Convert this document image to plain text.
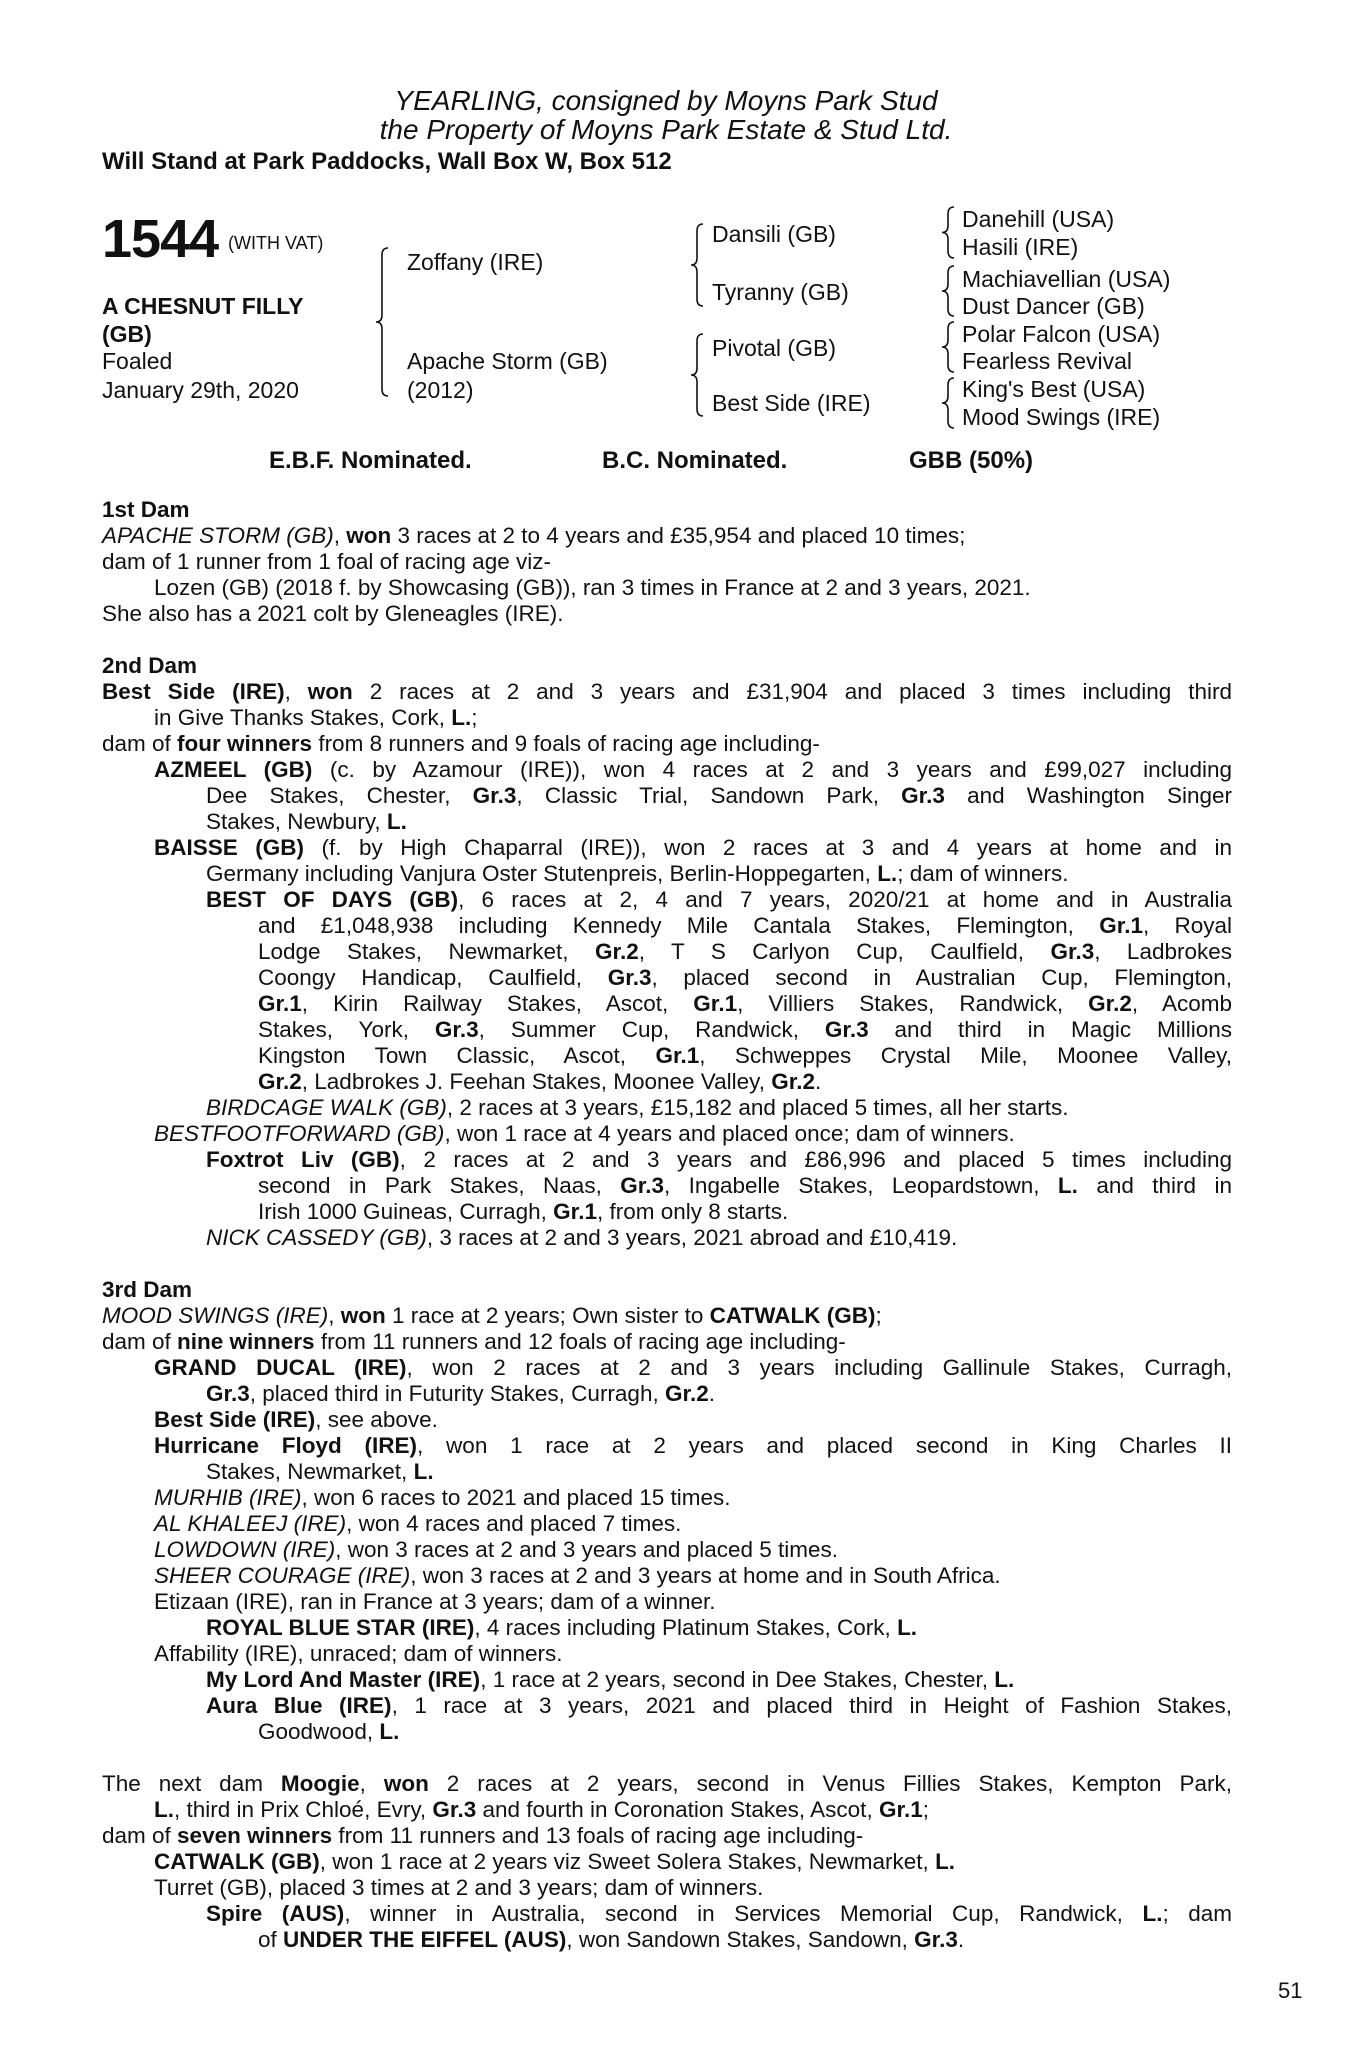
YEARLING, consigned by Moyns Park Stud
the Property of Moyns Park Estate & Stud Ltd.
Will Stand at Park Paddocks, Wall Box W, Box 512
1544 (WITH VAT)
A CHESNUT FILLY
(GB)
Foaled
January 29th, 2020
Zoffany (IRE)
Apache Storm (GB)
(2012)
Dansili (GB)
Tyranny (GB)
Pivotal (GB)
Best Side (IRE)
Danehill (USA)
Hasili (IRE)
Machiavellian (USA)
Dust Dancer (GB)
Polar Falcon (USA)
Fearless Revival
King's Best (USA)
Mood Swings (IRE)
E.B.F. Nominated.	B.C. Nominated.	GBB (50%)
1st Dam
APACHE STORM (GB), won 3 races at 2 to 4 years and £35,954 and placed 10 times;
dam of 1 runner from 1 foal of racing age viz-
Lozen (GB) (2018 f. by Showcasing (GB)), ran 3 times in France at 2 and 3 years, 2021.
She also has a 2021 colt by Gleneagles (IRE).
2nd Dam
Best Side (IRE), won 2 races at 2 and 3 years and £31,904 and placed 3 times including third
in Give Thanks Stakes, Cork, L.;
dam of four winners from 8 runners and 9 foals of racing age including-
AZMEEL (GB) (c. by Azamour (IRE)), won 4 races at 2 and 3 years and £99,027 including
Dee Stakes, Chester, Gr.3, Classic Trial, Sandown Park, Gr.3 and Washington Singer
Stakes, Newbury, L.
BAISSE (GB) (f. by High Chaparral (IRE)), won 2 races at 3 and 4 years at home and in
Germany including Vanjura Oster Stutenpreis, Berlin-Hoppegarten, L.; dam of winners.
BEST OF DAYS (GB), 6 races at 2, 4 and 7 years, 2020/21 at home and in Australia
and £1,048,938 including Kennedy Mile Cantala Stakes, Flemington, Gr.1, Royal
Lodge Stakes, Newmarket, Gr.2, T S Carlyon Cup, Caulfield, Gr.3, Ladbrokes
Coongy Handicap, Caulfield, Gr.3, placed second in Australian Cup, Flemington,
Gr.1, Kirin Railway Stakes, Ascot, Gr.1, Villiers Stakes, Randwick, Gr.2, Acomb
Stakes, York, Gr.3, Summer Cup, Randwick, Gr.3 and third in Magic Millions
Kingston Town Classic, Ascot, Gr.1, Schweppes Crystal Mile, Moonee Valley,
Gr.2, Ladbrokes J. Feehan Stakes, Moonee Valley, Gr.2.
BIRDCAGE WALK (GB), 2 races at 3 years, £15,182 and placed 5 times, all her starts.
BESTFOOTFORWARD (GB), won 1 race at 4 years and placed once; dam of winners.
Foxtrot Liv (GB), 2 races at 2 and 3 years and £86,996 and placed 5 times including
second in Park Stakes, Naas, Gr.3, Ingabelle Stakes, Leopardstown, L. and third in
Irish 1000 Guineas, Curragh, Gr.1, from only 8 starts.
NICK CASSEDY (GB), 3 races at 2 and 3 years, 2021 abroad and £10,419.
3rd Dam
MOOD SWINGS (IRE), won 1 race at 2 years; Own sister to CATWALK (GB);
dam of nine winners from 11 runners and 12 foals of racing age including-
GRAND DUCAL (IRE), won 2 races at 2 and 3 years including Gallinule Stakes, Curragh,
Gr.3, placed third in Futurity Stakes, Curragh, Gr.2.
Best Side (IRE), see above.
Hurricane Floyd (IRE), won 1 race at 2 years and placed second in King Charles II
Stakes, Newmarket, L.
MURHIB (IRE), won 6 races to 2021 and placed 15 times.
AL KHALEEJ (IRE), won 4 races and placed 7 times.
LOWDOWN (IRE), won 3 races at 2 and 3 years and placed 5 times.
SHEER COURAGE (IRE), won 3 races at 2 and 3 years at home and in South Africa.
Etizaan (IRE), ran in France at 3 years; dam of a winner.
ROYAL BLUE STAR (IRE), 4 races including Platinum Stakes, Cork, L.
Affability (IRE), unraced; dam of winners.
My Lord And Master (IRE), 1 race at 2 years, second in Dee Stakes, Chester, L.
Aura Blue (IRE), 1 race at 3 years, 2021 and placed third in Height of Fashion Stakes,
Goodwood, L.
The next dam Moogie, won 2 races at 2 years, second in Venus Fillies Stakes, Kempton Park,
L., third in Prix Chloé, Evry, Gr.3 and fourth in Coronation Stakes, Ascot, Gr.1;
dam of seven winners from 11 runners and 13 foals of racing age including-
CATWALK (GB), won 1 race at 2 years viz Sweet Solera Stakes, Newmarket, L.
Turret (GB), placed 3 times at 2 and 3 years; dam of winners.
Spire (AUS), winner in Australia, second in Services Memorial Cup, Randwick, L.; dam
of UNDER THE EIFFEL (AUS), won Sandown Stakes, Sandown, Gr.3.
51
